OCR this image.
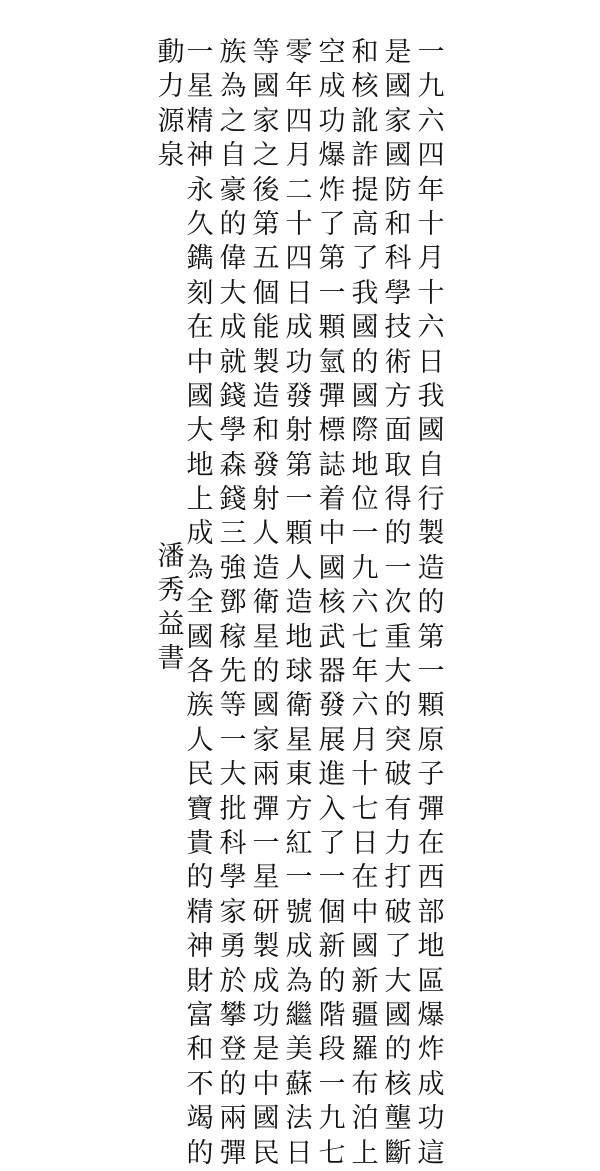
一
九
六
四
年
十
月
十
六
日
我
國
自
行
製
造
的
第
一
顆
原
子
彈
在
西
部
地
區
爆
炸
成
功
這
是
國
家
國
防
和
科
學
技
術
方
面
取
得
的
一
次
重
大
的
突
破
有
力
打
破
了
大
國
的
核
壟
斷
和
核
訛
詐
提
高
了
我
國
的
國
際
地
位
一
九
六
七
年
六
月
十
七
日
在
中
國
新
疆
羅
布
泊
上
空
成
功
爆
炸
了
第
一
顆
氫
彈
標
誌
着
中
國
核
武
器
發
展
進
入
了
一
個
新
的
階
段
一
九
七
零
年
四
月
二
十
四
日
成
功
發
射
第
一
顆
人
造
地
球
衛
星
東
方
紅
一
號
成
為
繼
美
蘇
法
日
等
國
家
之
後
第
五
個
能
製
造
和
發
射
人
造
衛
星
的
國
家
兩
彈
一
星
研
製
成
功
是
中
國
民
族
為
之
自
豪
的
偉
大
成
就
錢
學
森
錢
三
強
鄧
稼
先
等
一
大
批
科
學
家
勇
於
攀
登
的
兩
彈
一
星
精
神
永
久
鐫
刻
在
中
國
大
地
上
成
為
全
國
各
族
人
民
寶
貴
的
精
神
財
富
和
不
竭
的
動
力
源
泉
潘
秀
益
書
